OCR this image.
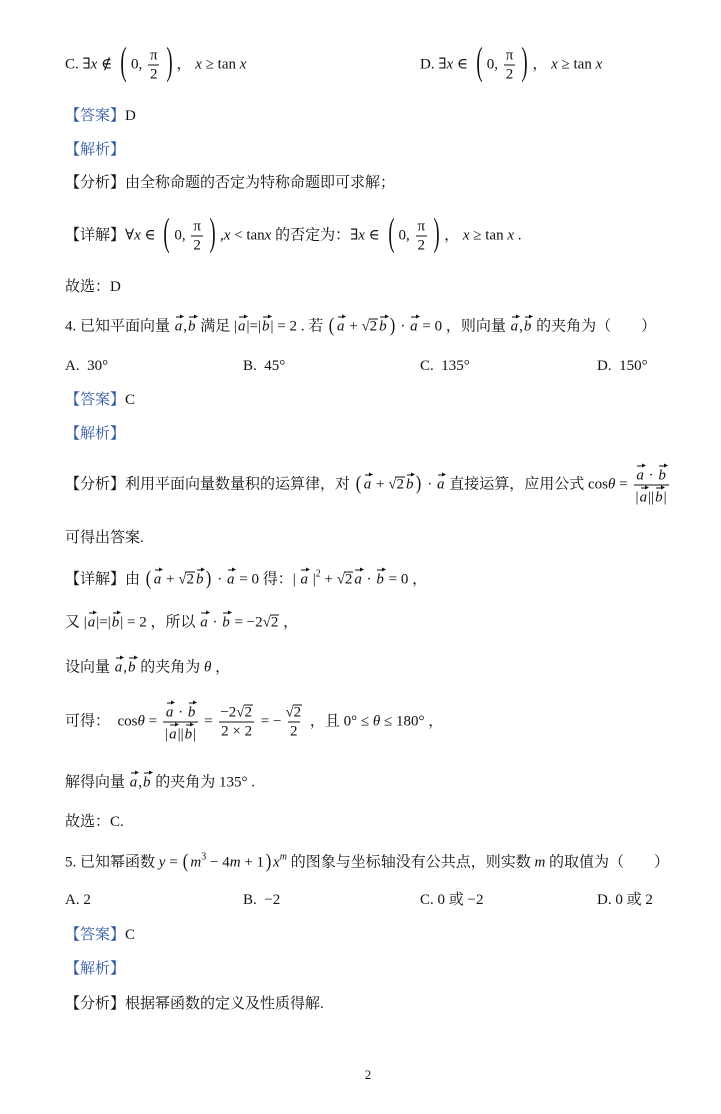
C. ∃x ∉ ( 0, $\frac{\pi}{2}$ ) ， x ≥ tan x	D. ∃x ∈ ( 0, $\frac{\pi}{2}$ ) ， x ≥ tan x
【答案】D
【解析】
【分析】由全称命题的否定为特称命题即可求解；
【详解】∀x ∈ ( 0, $\frac{\pi}{2}$ ) ,x < tanx 的否定为：∃x ∈ ( 0, $\frac{\pi}{2}$ ) ， x ≥ tan x .
故选：D
4. 已知平面向量 a
,b
满足 |a
|=|b
| = 2 . 若 ( a
+ √2 b ) · a
= 0 ，则向量 a
,b
的夹角为（　　）
A.  30°	B.  45°	C.  135°	D.  150°
【答案】C
【解析】
【分析】利用平面向量数量积的运算律，对 ( a
+ √2 b ) · a
直接运算，应用公式 cosθ = a
· b
|a
||b
|
可得出答案.
【详解】由 ( a
+ √2 b ) · a
= 0 得：| a
$|^2 + √2$ a
· b
= 0 ，
又 |a
|=|b
| = 2 ，所以 a
· b
= −2√2 ，
设向量 a
,b
的夹角为 θ ，
可得：  cosθ = a
· b
|a
||b
| = $\frac{-2√2}{2 \times 2}$ = − $\frac{√2}{2}$ ，且 0° ≤ θ ≤ 180° ，
解得向量 a
,b
的夹角为 135° .
故选：C.
5. 已知幂函数 y = ( $m^3 - 4m + 1$ ) $x^m$ 的图象与坐标轴没有公共点，则实数 m 的取值为（　　）
A. 2	B.  −2	C. 0 或 −2	D. 0 或 2
【答案】C
【解析】
【分析】根据幂函数的定义及性质得解.
2
